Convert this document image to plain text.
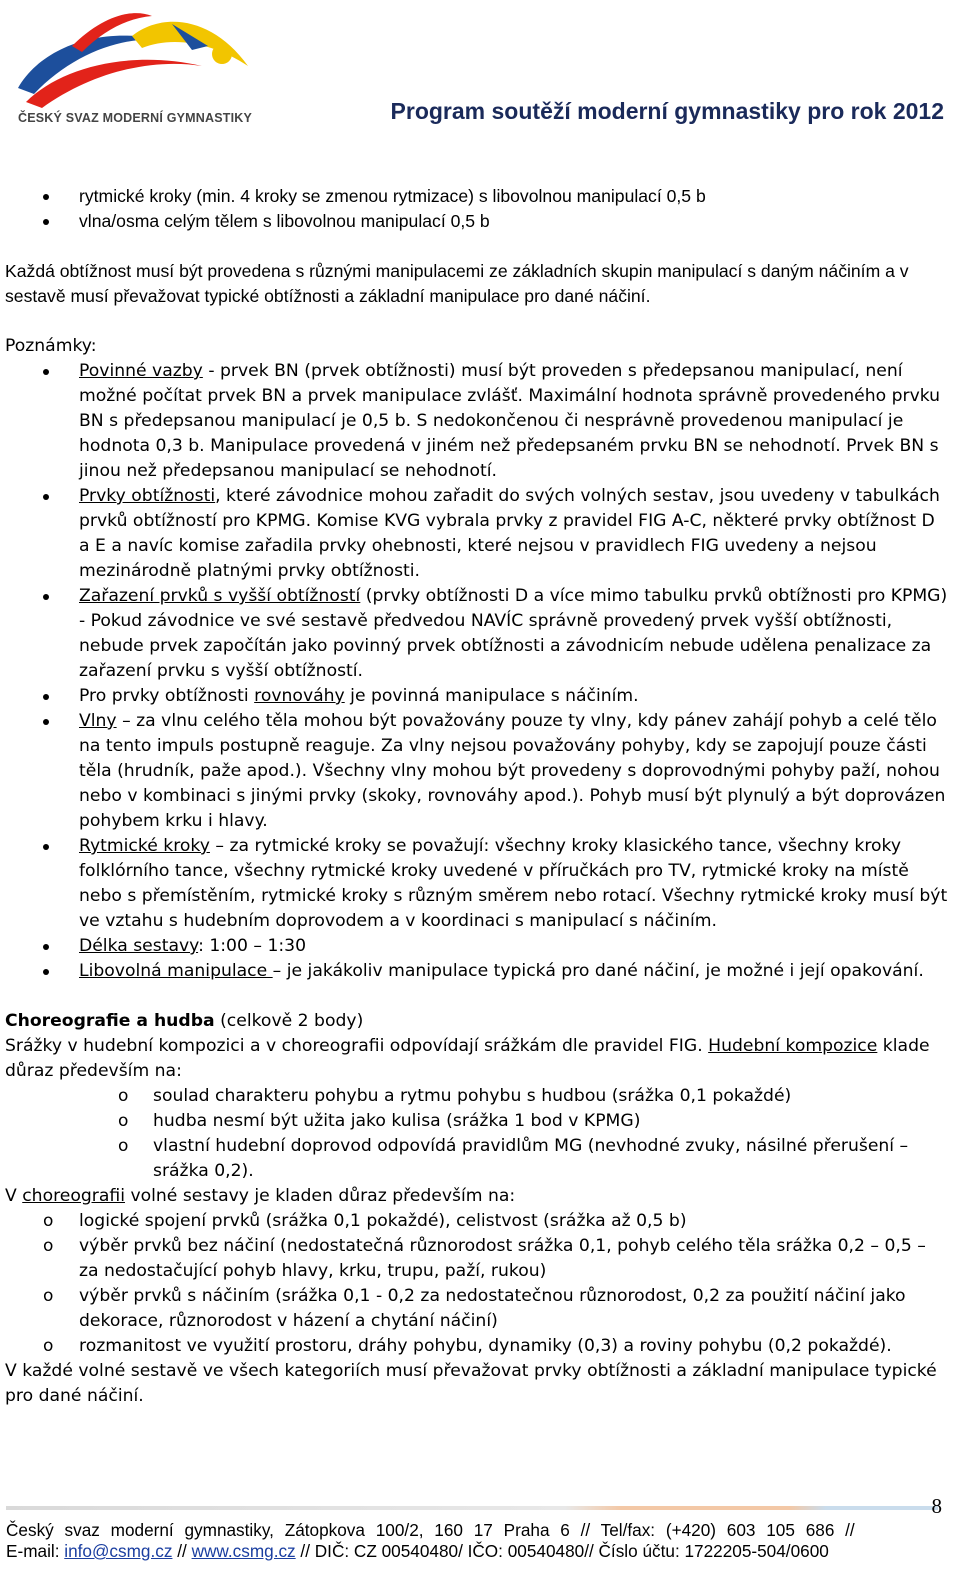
ČESKÝ SVAZ MODERNÍ GYMNASTIKY	Program soutěží moderní gymnastiky pro rok 2012
rytmické kroky (min. 4 kroky se zmenou rytmizace) s libovolnou manipulací 0,5 b
vlna/osma celým tělem s libovolnou manipulací 0,5 b

Každá obtížnost musí být provedena s různými manipulacemi ze základních skupin manipulací s daným náčiním a v sestavě musí převažovat typické obtížnosti a základní manipulace pro dané náčiní.

Poznámky:
Povinné vazby - prvek BN (prvek obtížnosti) musí být proveden s předepsanou manipulací, není možné počítat prvek BN a prvek manipulace zvlášť. Maximální hodnota správně provedeného prvku BN s předepsanou manipulací je 0,5 b. S nedokončenou či nesprávně provedenou manipulací je hodnota 0,3 b. Manipulace provedená v jiném než předepsaném prvku BN se nehodnotí. Prvek BN s jinou než předepsanou manipulací se nehodnotí.
Prvky obtížnosti, které závodnice mohou zařadit do svých volných sestav, jsou uvedeny v tabulkách prvků obtížností pro KPMG. Komise KVG vybrala prvky z pravidel FIG A-C, některé prvky obtížnost D a E a navíc komise zařadila prvky ohebnosti, které nejsou v pravidlech FIG uvedeny a nejsou mezinárodně platnými prvky obtížnosti.
Zařazení prvků s vyšší obtížností (prvky obtížnosti D a více mimo tabulku prvků obtížnosti pro KPMG) - Pokud závodnice ve své sestavě předvedou NAVÍC správně provedený prvek vyšší obtížnosti, nebude prvek započítán jako povinný prvek obtížnosti a závodnicím nebude udělena penalizace za zařazení prvku s vyšší obtížností.
Pro prvky obtížnosti rovnováhy je povinná manipulace s náčiním.
Vlny – za vlnu celého těla mohou být považovány pouze ty vlny, kdy pánev zahájí pohyb a celé tělo na tento impuls postupně reaguje. Za vlny nejsou považovány pohyby, kdy se zapojují pouze části těla (hrudník, paže apod.). Všechny vlny mohou být provedeny s doprovodnými pohyby paží, nohou nebo v kombinaci s jinými prvky (skoky, rovnováhy apod.). Pohyb musí být plynulý a být doprovázen pohybem krku i hlavy.
Rytmické kroky – za rytmické kroky se považují: všechny kroky klasického tance, všechny kroky folklórního tance, všechny rytmické kroky uvedené v příručkách pro TV, rytmické kroky na místě nebo s přemístěním, rytmické kroky s různým směrem nebo rotací. Všechny rytmické kroky musí být ve vztahu s hudebním doprovodem a v koordinaci s manipulací s náčiním.
Délka sestavy: 1:00 – 1:30
Libovolná manipulace – je jakákoliv manipulace typická pro dané náčiní, je možné i její opakování.
Choreografie a hudba (celkově 2 body)
Srážky v hudební kompozici a v choreografii odpovídají srážkám dle pravidel FIG. Hudební kompozice klade důraz především na:
o soulad charakteru pohybu a rytmu pohybu s hudbou (srážka 0,1 pokaždé)
o hudba nesmí být užita jako kulisa (srážka 1 bod v KPMG)
o vlastní hudební doprovod odpovídá pravidlům MG (nevhodné zvuky, násilné přerušení – srážka 0,2).
V choreografii volné sestavy je kladen důraz především na:
o logické spojení prvků (srážka 0,1 pokaždé), celistvost (srážka až 0,5 b)
o výběr prvků bez náčiní (nedostatečná různorodost srážka 0,1, pohyb celého těla srážka 0,2 – 0,5 – za nedostačující pohyb hlavy, krku, trupu, paží, rukou)
o výběr prvků s náčiním (srážka 0,1 - 0,2 za nedostatečnou různorodost, 0,2 za použití náčiní jako dekorace, různorodost v házení a chytání náčiní)
o rozmanitost ve využití prostoru, dráhy pohybu, dynamiky (0,3) a roviny pohybu (0,2 pokaždé).
V každé volné sestavě ve všech kategoriích musí převažovat prvky obtížnosti a základní manipulace typické pro dané náčiní.
8
Český svaz moderní gymnastiky, Zátopkova 100/2, 160 17 Praha 6 // Tel/fax: (+420) 603 105 686 //
E-mail: info@csmg.cz // www.csmg.cz // DIČ: CZ 00540480/ IČO: 00540480// Číslo účtu: 1722205-504/0600
